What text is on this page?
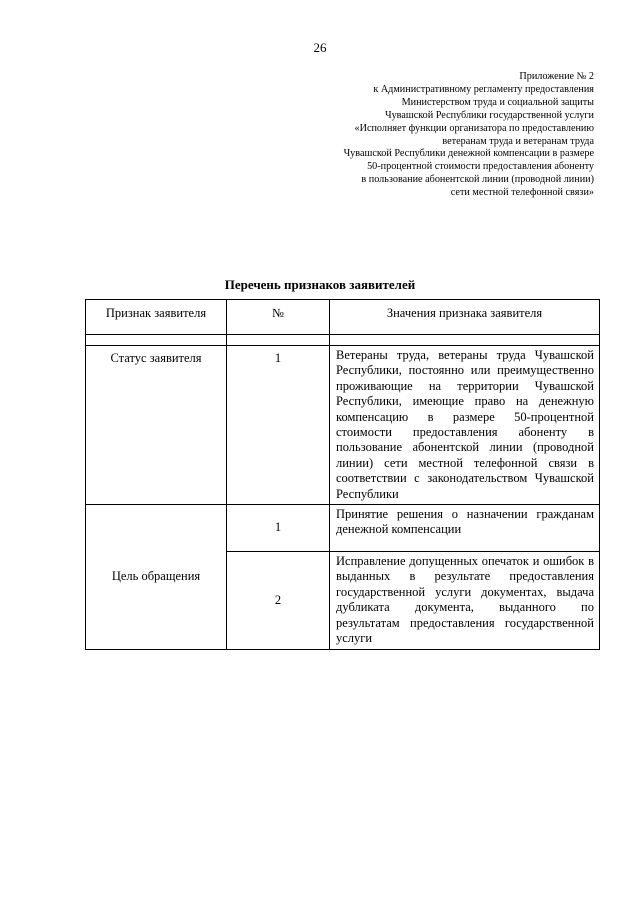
26
Приложение № 2
к Административному регламенту предоставления
Министерством труда и социальной защиты
Чувашской Республики государственной услуги
«Исполняет функции организатора по предоставлению
ветеранам труда и ветеранам труда
Чувашской Республики денежной компенсации в размере
50-процентной стоимости предоставления абоненту
в пользование абонентской линии (проводной линии)
сети местной телефонной связи»
Перечень признаков заявителей
Признак заявителя	№	Значения признака заявителя

Статус заявителя	1	Ветераны труда, ветераны труда Чувашской Республики, постоянно или преимущественно проживающие на территории Чувашской Республики, имеющие право на денежную компенсацию в размере 50-процентной стоимости предоставления абоненту в пользование абонентской линии (проводной линии) сети местной телефонной связи в соответствии с законодательством Чувашской Республики
Цель обращения	1	Принятие решения о назначении гражданам денежной компенсации
	2	Исправление допущенных опечаток и ошибок в выданных в результате предоставления государственной услуги документах, выдача дубликата документа, выданного по результатам предоставления государственной услуги
